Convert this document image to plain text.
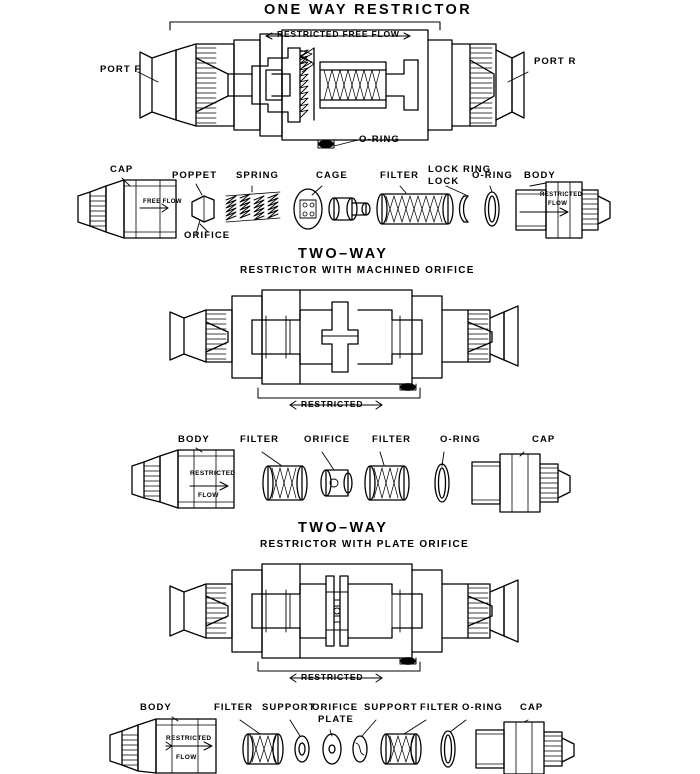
ONE WAY RESTRICTOR
RESTRICTED FREE FLOW
PORT F
PORT R
O-RING
CAP
POPPET SPRING	CAGE	FILTER
LOCK RING
LOCK
O-RING BODY
ORIFICE
FREE FLOW
RESTRICTED
FLOW
TWO–WAY
RESTRICTOR WITH MACHINED ORIFICE
RESTRICTED
BODY	FILTER	ORIFICE FILTER	O-RING	CAP
RESTRICTED
FLOW
TWO–WAY
RESTRICTOR WITH PLATE ORIFICE
RESTRICTED
BODY	FILTER SUPPORT
ORIFICE
PLATE
SUPPORT FILTER O-RING CAP
RESTRICTED
FLOW
